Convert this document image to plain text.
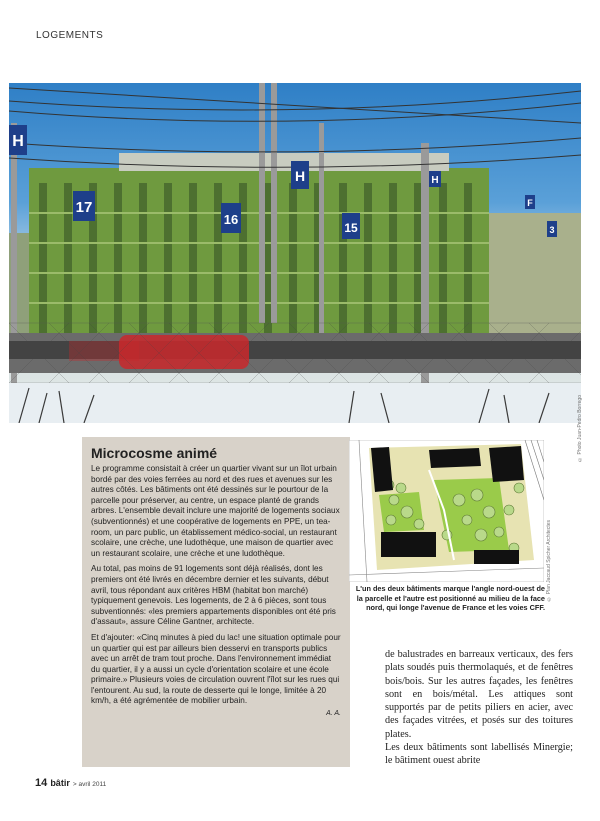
LOGEMENTS
H
17
H
16
15
H
F
3
© Photo Juan-Pedro Borrego
Microcosme animé

Le programme consistait à créer un quartier vivant sur un îlot urbain bordé par des voies ferrées au nord et des rues et avenues sur les autres côtés. Les bâtiments ont été dessinés sur le pourtour de la parcelle pour préserver, au centre, un espace planté de grands arbres. L'ensemble devait inclure une majorité de logements sociaux (subventionnés) et une coopérative de logements en PPE, un tea-room, un parc public, un établissement médico-social, un restaurant scolaire, une crèche, une ludothèque, une maison de quartier avec un restaurant scolaire, une crèche et une ludothèque.

Au total, pas moins de 91 logements sont déjà réalisés, dont les premiers ont été livrés en décembre dernier et les suivants, début avril, tous répondant aux critères HBM (habitat bon marché) typiquement genevois. Les logements, de 2 à 6 pièces, sont tous subventionnés: «les premiers appartements disponibles ont été pris d'assaut», assure Céline Gantner, architecte.

Et d'ajouter: «Cinq minutes à pied du lac! une situation optimale pour un quartier qui est par ailleurs bien desservi en transports publics avec un arrêt de tram tout proche. Dans l'environnement immédiat du quartier, il y a aussi un cycle d'orientation scolaire et une école primaire.» Plusieurs voies de circulation ouvrent l'îlot sur les rues qui l'entourent. Au sud, la route de desserte qui le longe, limitée à 20 km/h, a été agrémentée de mobilier urbain.

A. A.
© Plan Jaccaud Spicher Architectes
L'un des deux bâtiments marque l'angle nord-ouest de la parcelle et l'autre est positionné au milieu de la face nord, qui longe l'avenue de France et les voies CFF.

de balustrades en barreaux verticaux, des fers plats soudés puis thermolaqués, et de fenêtres bois/bois. Sur les autres façades, les fenêtres sont en bois/métal. Les attiques sont supportés par de petits piliers en acier, avec des façades vitrées, et posés sur des toitures plates.

Les deux bâtiments sont labellisés Minergie; le bâtiment ouest abrite

14 bâtir > avril 2011
